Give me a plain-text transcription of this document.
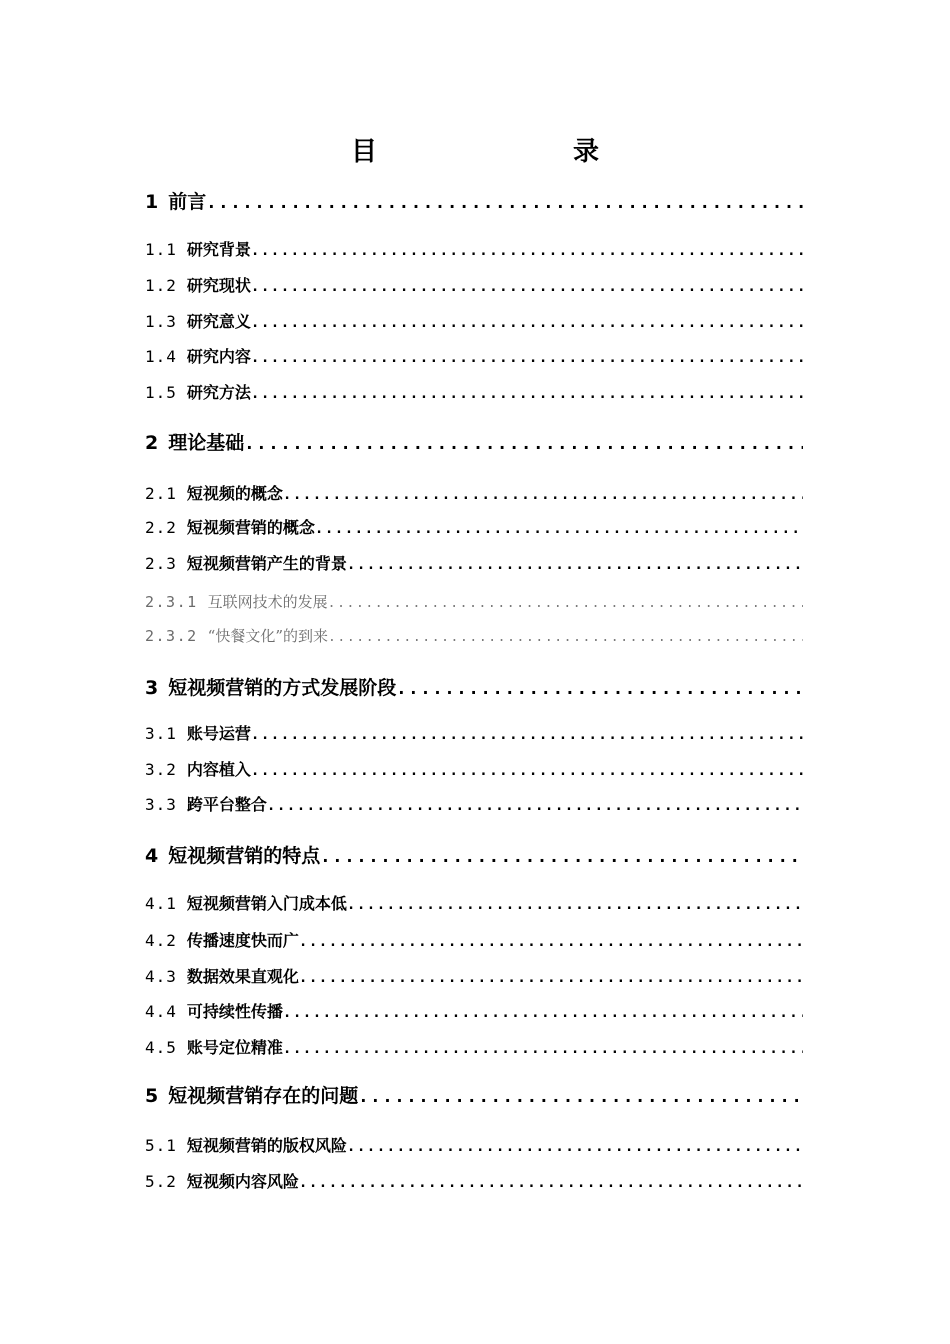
目　　录
1 前言
.....
1.1 研究背景
.....
1.2 研究现状
.....
1.3 研究意义
.....
1.4 研究内容
.....
1.5 研究方法
.....
2 理论基础
.....
2.1 短视频的概念
.....
2.2 短视频营销的概念
.....
2.3 短视频营销产生的背景
.....
2.3.1 互联网技术的发展
.....
2.3.2 “快餐文化”的到来
.....
3 短视频营销的方式发展阶段
.....
3.1 账号运营
.....
3.2 内容植入
.....
3.3 跨平台整合
.....
4 短视频营销的特点
.....
4.1 短视频营销入门成本低
.....
4.2 传播速度快而广
.....
4.3 数据效果直观化
.....
4.4 可持续性传播
.....
4.5 账号定位精准
.....
5 短视频营销存在的问题
.....
5.1 短视频营销的版权风险
.....
5.2 短视频内容风险
.....
